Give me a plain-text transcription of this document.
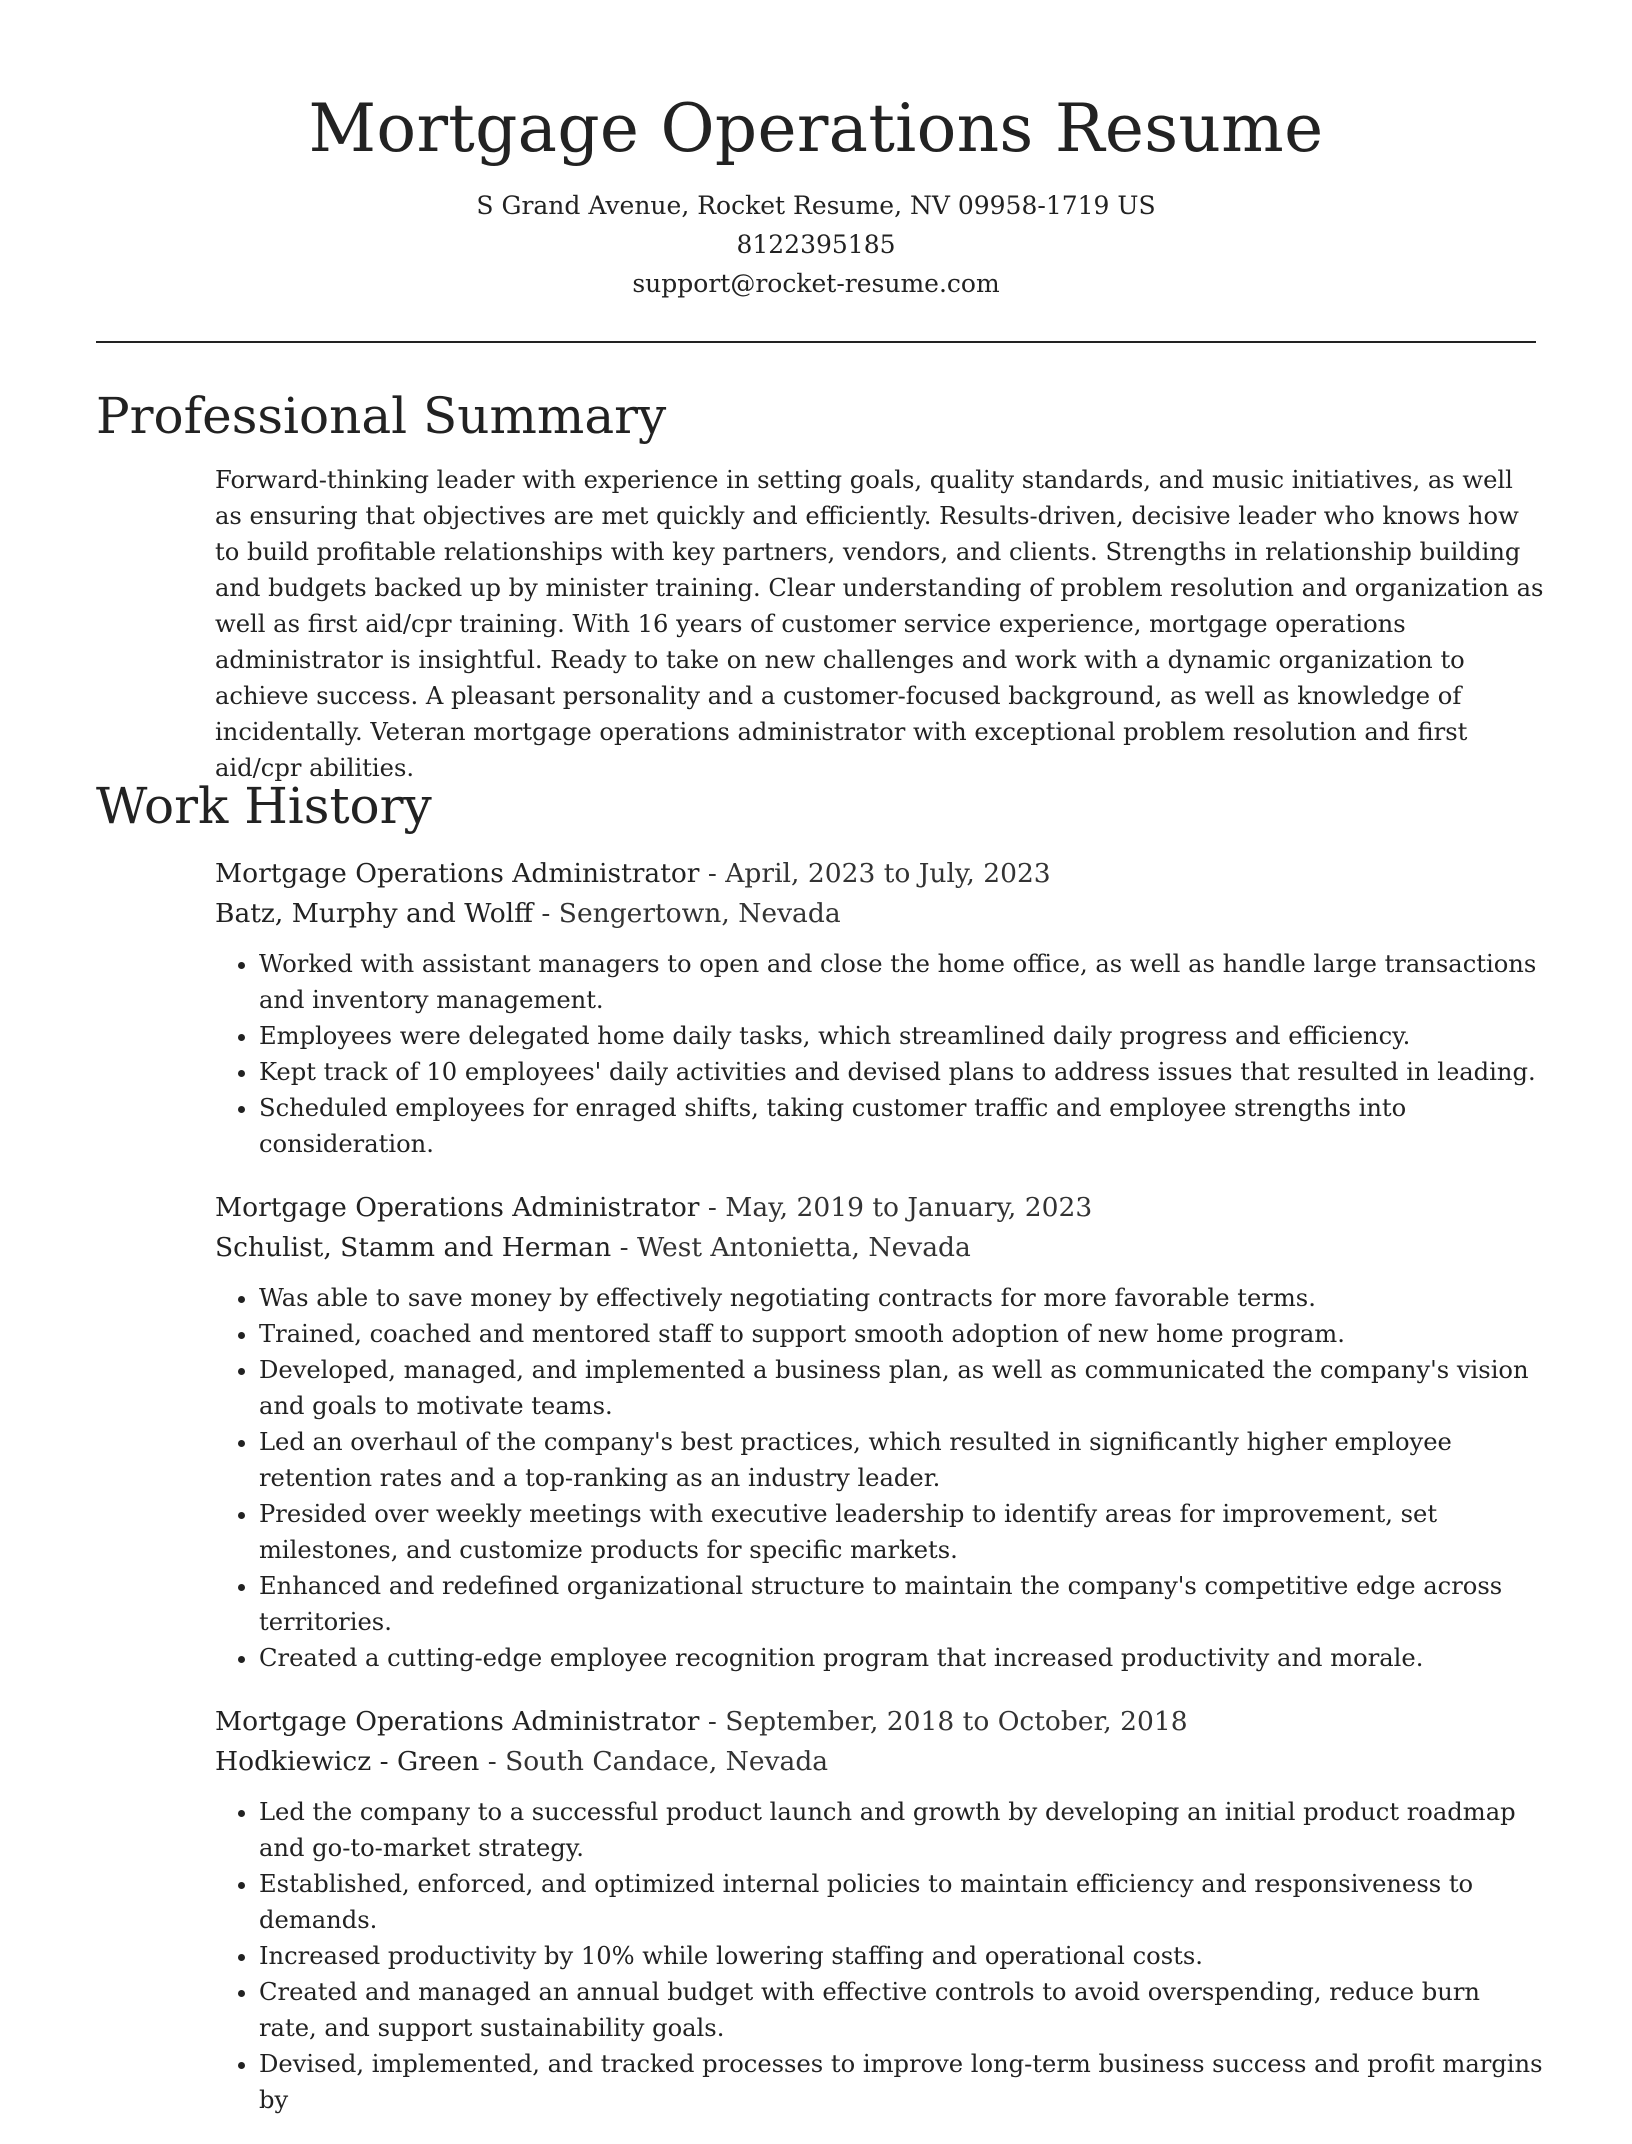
Mortgage Operations Resume
S Grand Avenue, Rocket Resume, NV 09958-1719 US
8122395185
support@rocket-resume.com
Professional Summary

Forward-thinking leader with experience in setting goals, quality standards, and music initiatives, as well as ensuring that objectives are met quickly and efficiently. Results-driven, decisive leader who knows how to build profitable relationships with key partners, vendors, and clients. Strengths in relationship building and budgets backed up by minister training. Clear understanding of problem resolution and organization as well as first aid/cpr training. With 16 years of customer service experience, mortgage operations administrator is insightful. Ready to take on new challenges and work with a dynamic organization to achieve success. A pleasant personality and a customer-focused background, as well as knowledge of incidentally. Veteran mortgage operations administrator with exceptional problem resolution and first aid/cpr abilities.

Work History

Mortgage Operations Administrator - April, 2023 to July, 2023

Batz, Murphy and Wolff - Sengertown, Nevada

• Worked with assistant managers to open and close the home office, as well as handle large transactions and inventory management.
• Employees were delegated home daily tasks, which streamlined daily progress and efficiency.
• Kept track of 10 employees' daily activities and devised plans to address issues that resulted in leading.
• Scheduled employees for enraged shifts, taking customer traffic and employee strengths into consideration.

Mortgage Operations Administrator - May, 2019 to January, 2023

Schulist, Stamm and Herman - West Antonietta, Nevada

• Was able to save money by effectively negotiating contracts for more favorable terms.
• Trained, coached and mentored staff to support smooth adoption of new home program.
• Developed, managed, and implemented a business plan, as well as communicated the company's vision and goals to motivate teams.
• Led an overhaul of the company's best practices, which resulted in significantly higher employee retention rates and a top-ranking as an industry leader.
• Presided over weekly meetings with executive leadership to identify areas for improvement, set milestones, and customize products for specific markets.
• Enhanced and redefined organizational structure to maintain the company's competitive edge across territories.
• Created a cutting-edge employee recognition program that increased productivity and morale.

Mortgage Operations Administrator - September, 2018 to October, 2018

Hodkiewicz - Green - South Candace, Nevada

• Led the company to a successful product launch and growth by developing an initial product roadmap and go-to-market strategy.
• Established, enforced, and optimized internal policies to maintain efficiency and responsiveness to demands.
• Increased productivity by 10% while lowering staffing and operational costs.
• Created and managed an annual budget with effective controls to avoid overspending, reduce burn rate, and support sustainability goals.
• Devised, implemented, and tracked processes to improve long-term business success and profit margins by
